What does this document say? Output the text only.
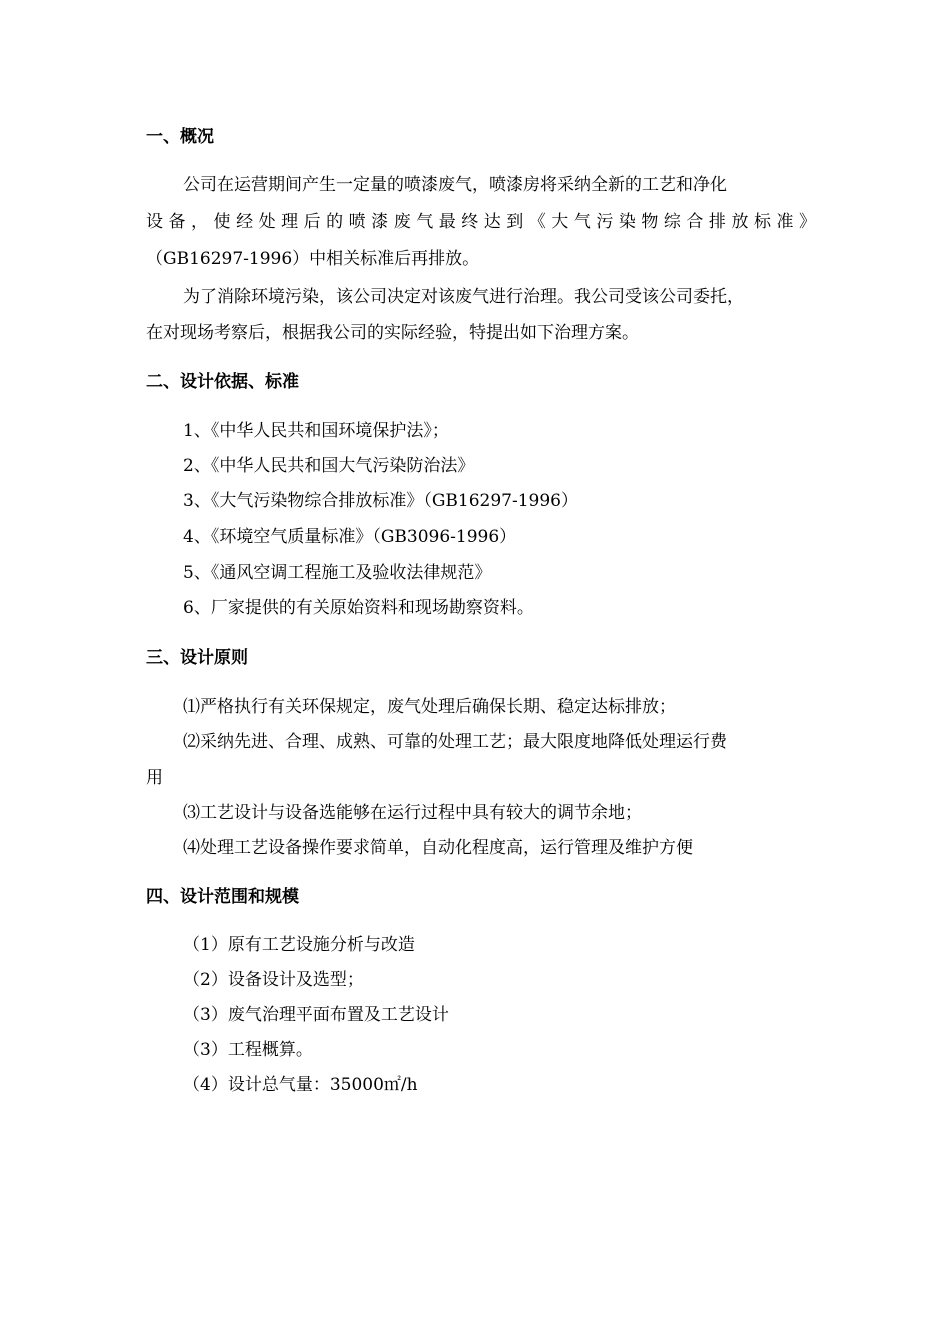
一、概况
公司在运营期间产生一定量的喷漆废气，喷漆房将采纳全新的工艺和净化
设备，使经处理后的喷漆废气最终达到《大气污染物综合排放标准》
（GB16297-1996）中相关标准后再排放。
为了消除环境污染，该公司决定对该废气进行治理。我公司受该公司委托，
在对现场考察后，根据我公司的实际经验，特提出如下治理方案。
二、设计依据、标准
1、《中华人民共和国环境保护法》；
2、《中华人民共和国大气污染防治法》
3、《大气污染物综合排放标准》（GB16297-1996）
4、《环境空气质量标准》（GB3096-1996）
5、《通风空调工程施工及验收法律规范》
6、厂家提供的有关原始资料和现场勘察资料。
三、设计原则
⑴严格执行有关环保规定，废气处理后确保长期、稳定达标排放；
⑵采纳先进、合理、成熟、可靠的处理工艺；最大限度地降低处理运行费
用
⑶工艺设计与设备选能够在运行过程中具有较大的调节余地；
⑷处理工艺设备操作要求简单，自动化程度高，运行管理及维护方便
四、设计范围和规模
（1）原有工艺设施分析与改造
（2）设备设计及选型；
（3）废气治理平面布置及工艺设计
（3）工程概算。
（4）设计总气量：35000㎡/h
